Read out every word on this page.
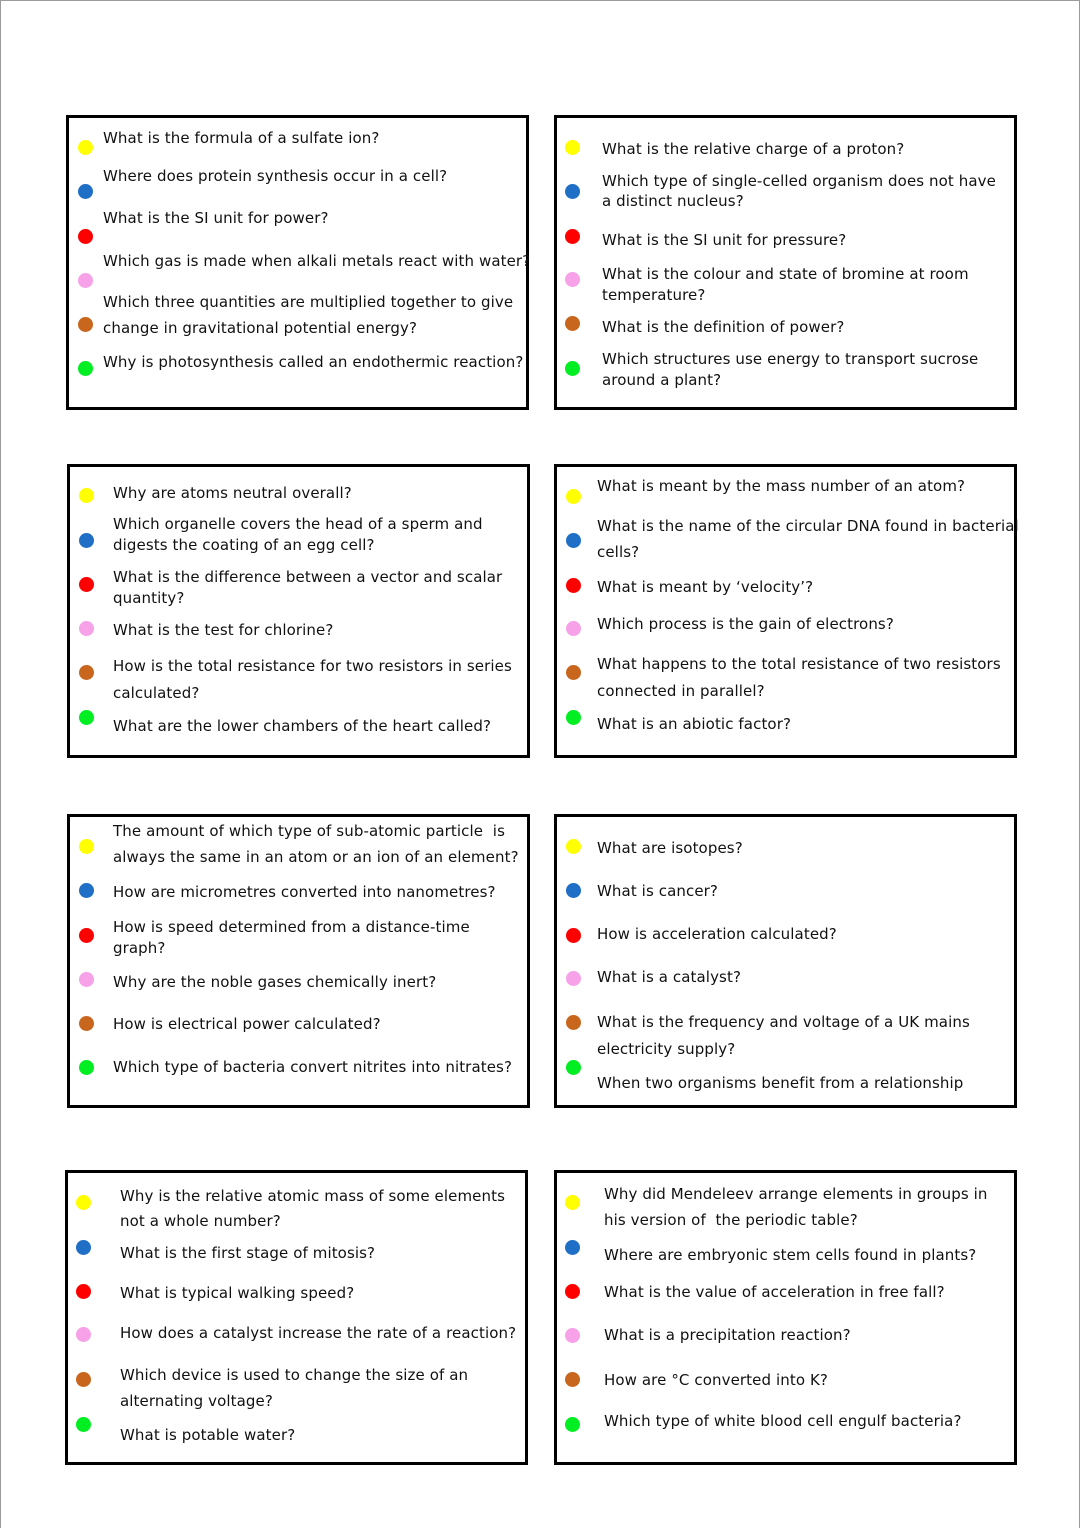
What is the formula of a sulfate ion?
Where does protein synthesis occur in a cell?
What is the SI unit for power?
Which gas is made when alkali metals react with water?
Which three quantities are multiplied together to give
change in gravitational potential energy?
Why is photosynthesis called an endothermic reaction?
What is the relative charge of a proton?
Which type of single-celled organism does not have
a distinct nucleus?
What is the SI unit for pressure?
What is the colour and state of bromine at room
temperature?
What is the definition of power?
Which structures use energy to transport sucrose
around a plant?
Why are atoms neutral overall?
Which organelle covers the head of a sperm and
digests the coating of an egg cell?
What is the difference between a vector and scalar
quantity?
What is the test for chlorine?
How is the total resistance for two resistors in series
calculated?
What are the lower chambers of the heart called?
What is meant by the mass number of an atom?
What is the name of the circular DNA found in bacterial
cells?
What is meant by ‘velocity’?
Which process is the gain of electrons?
What happens to the total resistance of two resistors
connected in parallel?
What is an abiotic factor?
The amount of which type of sub-atomic particle  is
always the same in an atom or an ion of an element?
How are micrometres converted into nanometres?
How is speed determined from a distance-time
graph?
Why are the noble gases chemically inert?
How is electrical power calculated?
Which type of bacteria convert nitrites into nitrates?
What are isotopes?
What is cancer?
How is acceleration calculated?
What is a catalyst?
What is the frequency and voltage of a UK mains
electricity supply?
When two organisms benefit from a relationship
Why is the relative atomic mass of some elements
not a whole number?
What is the first stage of mitosis?
What is typical walking speed?
How does a catalyst increase the rate of a reaction?
Which device is used to change the size of an
alternating voltage?
What is potable water?
Why did Mendeleev arrange elements in groups in
his version of  the periodic table?
Where are embryonic stem cells found in plants?
What is the value of acceleration in free fall?
What is a precipitation reaction?
How are °C converted into K?
Which type of white blood cell engulf bacteria?
